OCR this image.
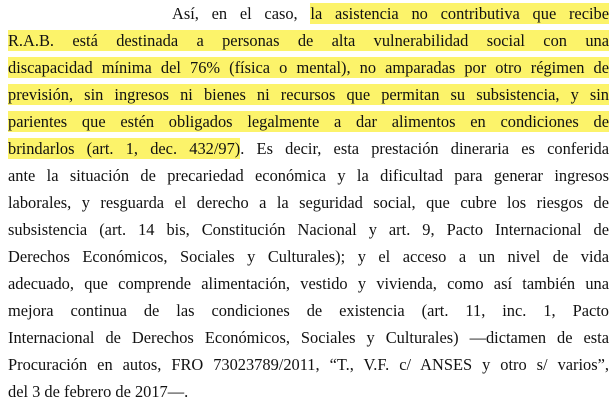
Así, en el caso, la asistencia no contributiva que recibe
R.A.B. está destinada a personas de alta vulnerabilidad social con una
discapacidad mínima del 76% (física o mental), no amparadas por otro régimen de
previsión, sin ingresos ni bienes ni recursos que permitan su subsistencia, y sin
parientes que estén obligados legalmente a dar alimentos en condiciones de
brindarlos (art. 1, dec. 432/97). Es decir, esta prestación dineraria es conferida
ante la situación de precariedad económica y la dificultad para generar ingresos
laborales, y resguarda el derecho a la seguridad social, que cubre los riesgos de
subsistencia (art. 14 bis, Constitución Nacional y art. 9, Pacto Internacional de
Derechos Económicos, Sociales y Culturales); y el acceso a un nivel de vida
adecuado, que comprende alimentación, vestido y vivienda, como así también una
mejora continua de las condiciones de existencia (art. 11, inc. 1, Pacto
Internacional de Derechos Económicos, Sociales y Culturales) —dictamen de esta
Procuración en autos, FRO 73023789/2011, “T., V.F. c/ ANSES y otro s/ varios”,
del 3 de febrero de 2017—.
